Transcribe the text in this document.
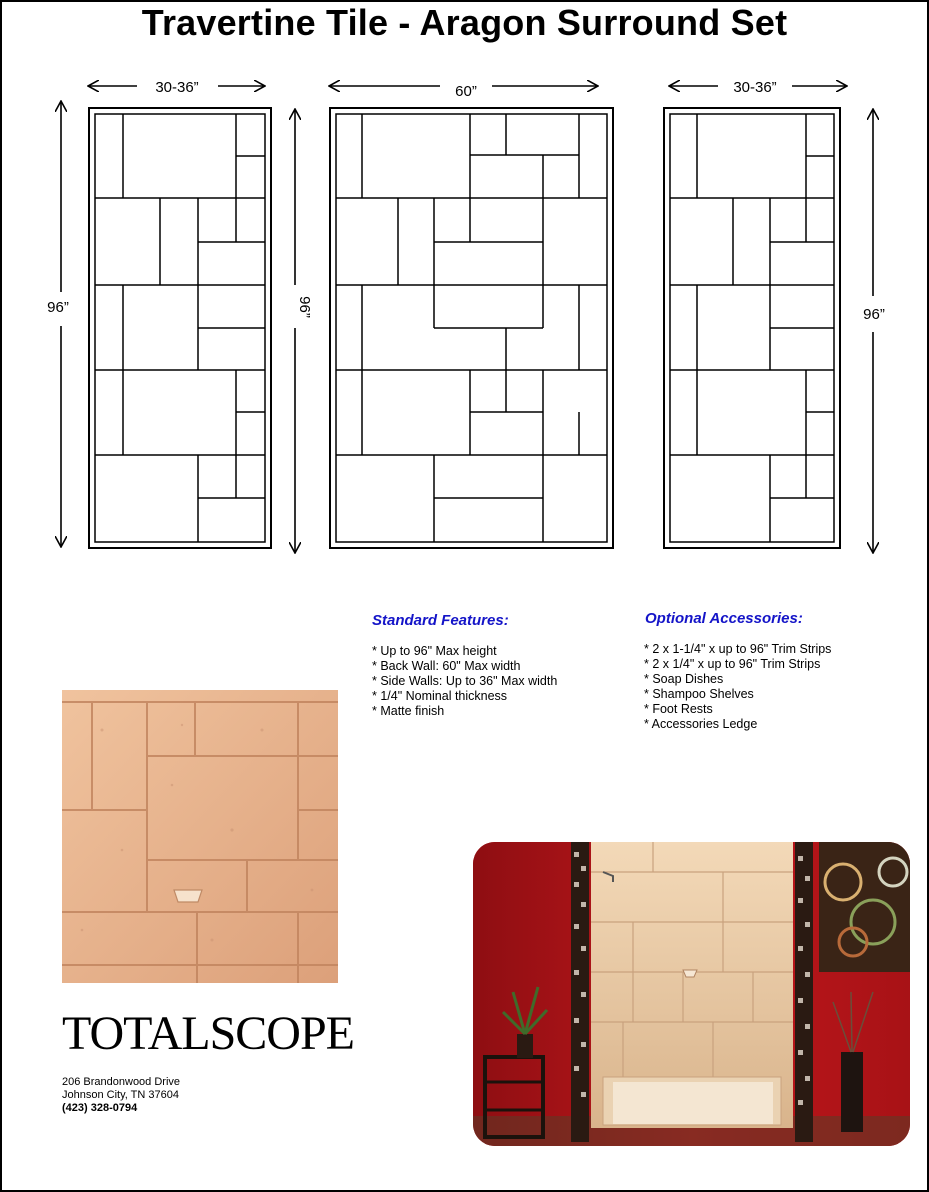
Travertine Tile - Aragon Surround Set
30-36”	60”	30-36”
96”	96”	96”
Standard Features:
* Up to 96" Max height
* Back Wall: 60" Max width
* Side Walls: Up to 36" Max width
* 1/4" Nominal thickness
* Matte finish
Optional Accessories:
* 2 x 1-1/4" x up to 96" Trim Strips
* 2 x 1/4" x up to 96" Trim Strips
* Soap Dishes
* Shampoo Shelves
* Foot Rests
* Accessories Ledge
TOTALSCOPE
206 Brandonwood Drive
Johnson City, TN 37604
(423) 328-0794
